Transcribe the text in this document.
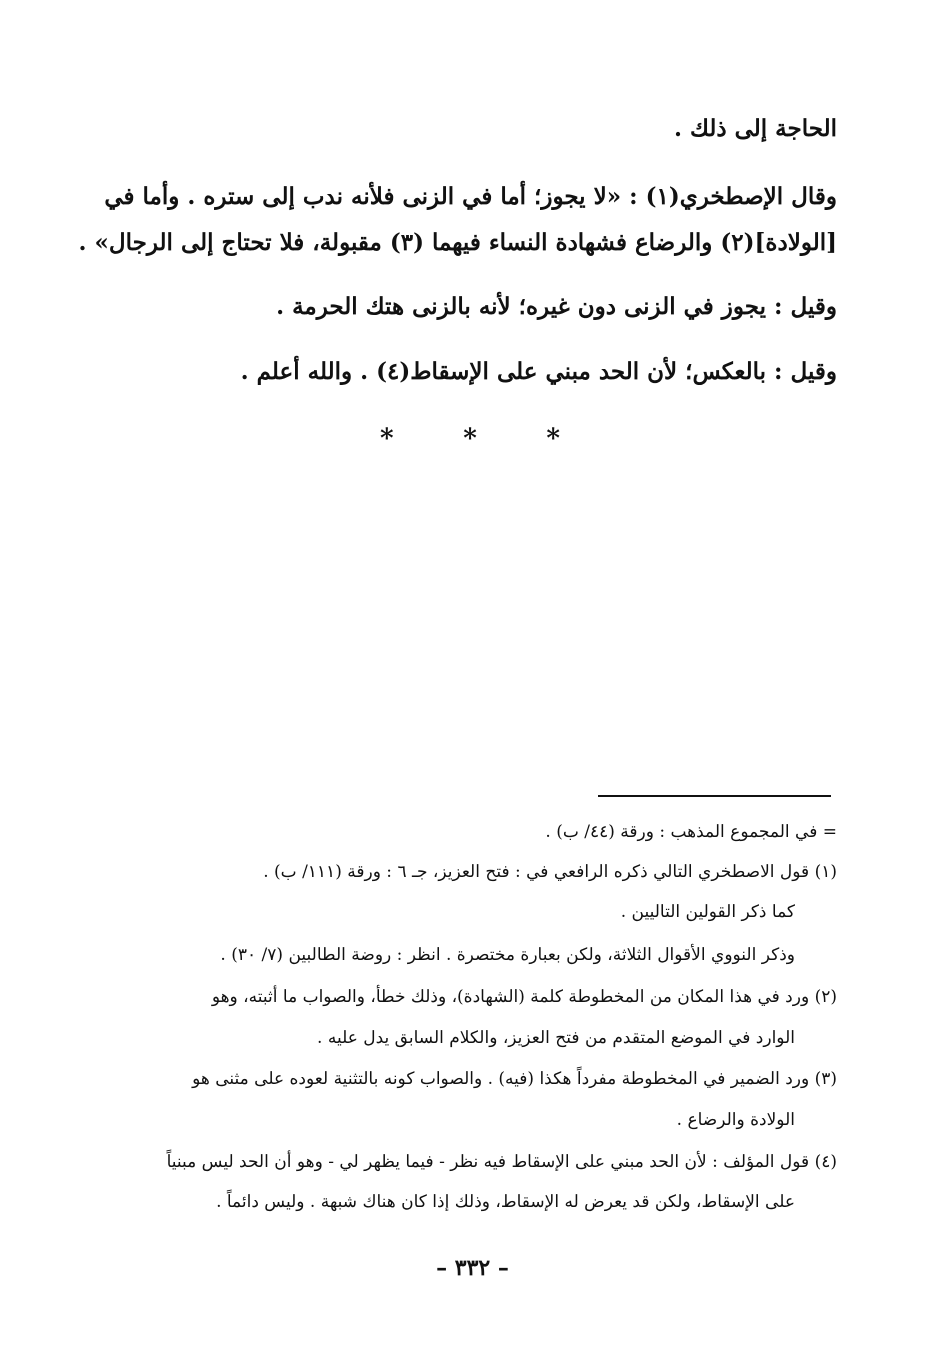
الحاجة إلى ذلك .
وقال الإصطخري(١) : «لا يجوز؛ أما في الزنى فلأنه ندب إلى ستره . وأما في
[الولادة](٢) والرضاع فشهادة النساء فيهما (٣) مقبولة، فلا تحتاج إلى الرجال» .
وقيل : يجوز في الزنى دون غيره؛ لأنه بالزنى هتك الحرمة .
وقيل : بالعكس؛ لأن الحد مبني على الإسقاط(٤) . والله أعلم .
*	*	*
= في المجموع المذهب : ورقة (٤٤/ ب) .
(١) قول الاصطخري التالي ذكره الرافعي في : فتح العزيز، جـ ٦ : ورقة (١١١/ ب) .
كما ذكر القولين التاليين .
وذكر النووي الأقوال الثلاثة، ولكن بعبارة مختصرة . انظر : روضة الطالبين (٧/ ٣٠) .
(٢) ورد في هذا المكان من المخطوطة كلمة (الشهادة)، وذلك خطأ، والصواب ما أثبته، وهو
الوارد في الموضع المتقدم من فتح العزيز، والكلام السابق يدل عليه .
(٣) ورد الضمير في المخطوطة مفرداً هكذا (فيه) . والصواب كونه بالتثنية لعوده على مثنى هو
الولادة والرضاع .
(٤) قول المؤلف : لأن الحد مبني على الإسقاط فيه نظر - فيما يظهر لي - وهو أن الحد ليس مبنياً
على الإسقاط، ولكن قد يعرض له الإسقاط، وذلك إذا كان هناك شبهة . وليس دائماً .
– ٣٣٢ –
